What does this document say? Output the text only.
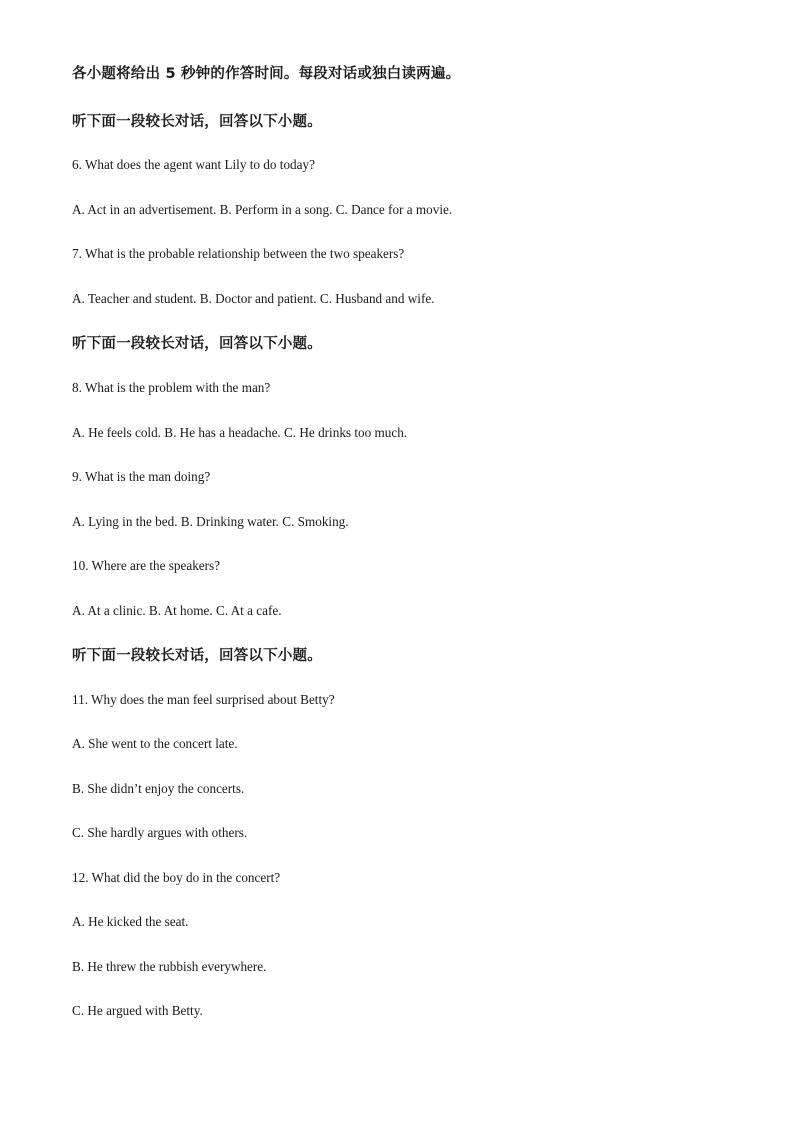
各小题将给出 5 秒钟的作答时间。每段对话或独白读两遍。
听下面一段较长对话，回答以下小题。
6. What does the agent want Lily to do today?
A. Act in an advertisement. B. Perform in a song. C. Dance for a movie.
7. What is the probable relationship between the two speakers?
A. Teacher and student. B. Doctor and patient. C. Husband and wife.
听下面一段较长对话，回答以下小题。
8. What is the problem with the man?
A. He feels cold. B. He has a headache. C. He drinks too much.
9. What is the man doing?
A. Lying in the bed. B. Drinking water. C. Smoking.
10. Where are the speakers?
A. At a clinic. B. At home. C. At a cafe.
听下面一段较长对话，回答以下小题。
11. Why does the man feel surprised about Betty?
A. She went to the concert late.
B. She didn’t enjoy the concerts.
C. She hardly argues with others.
12. What did the boy do in the concert?
A. He kicked the seat.
B. He threw the rubbish everywhere.
C. He argued with Betty.
